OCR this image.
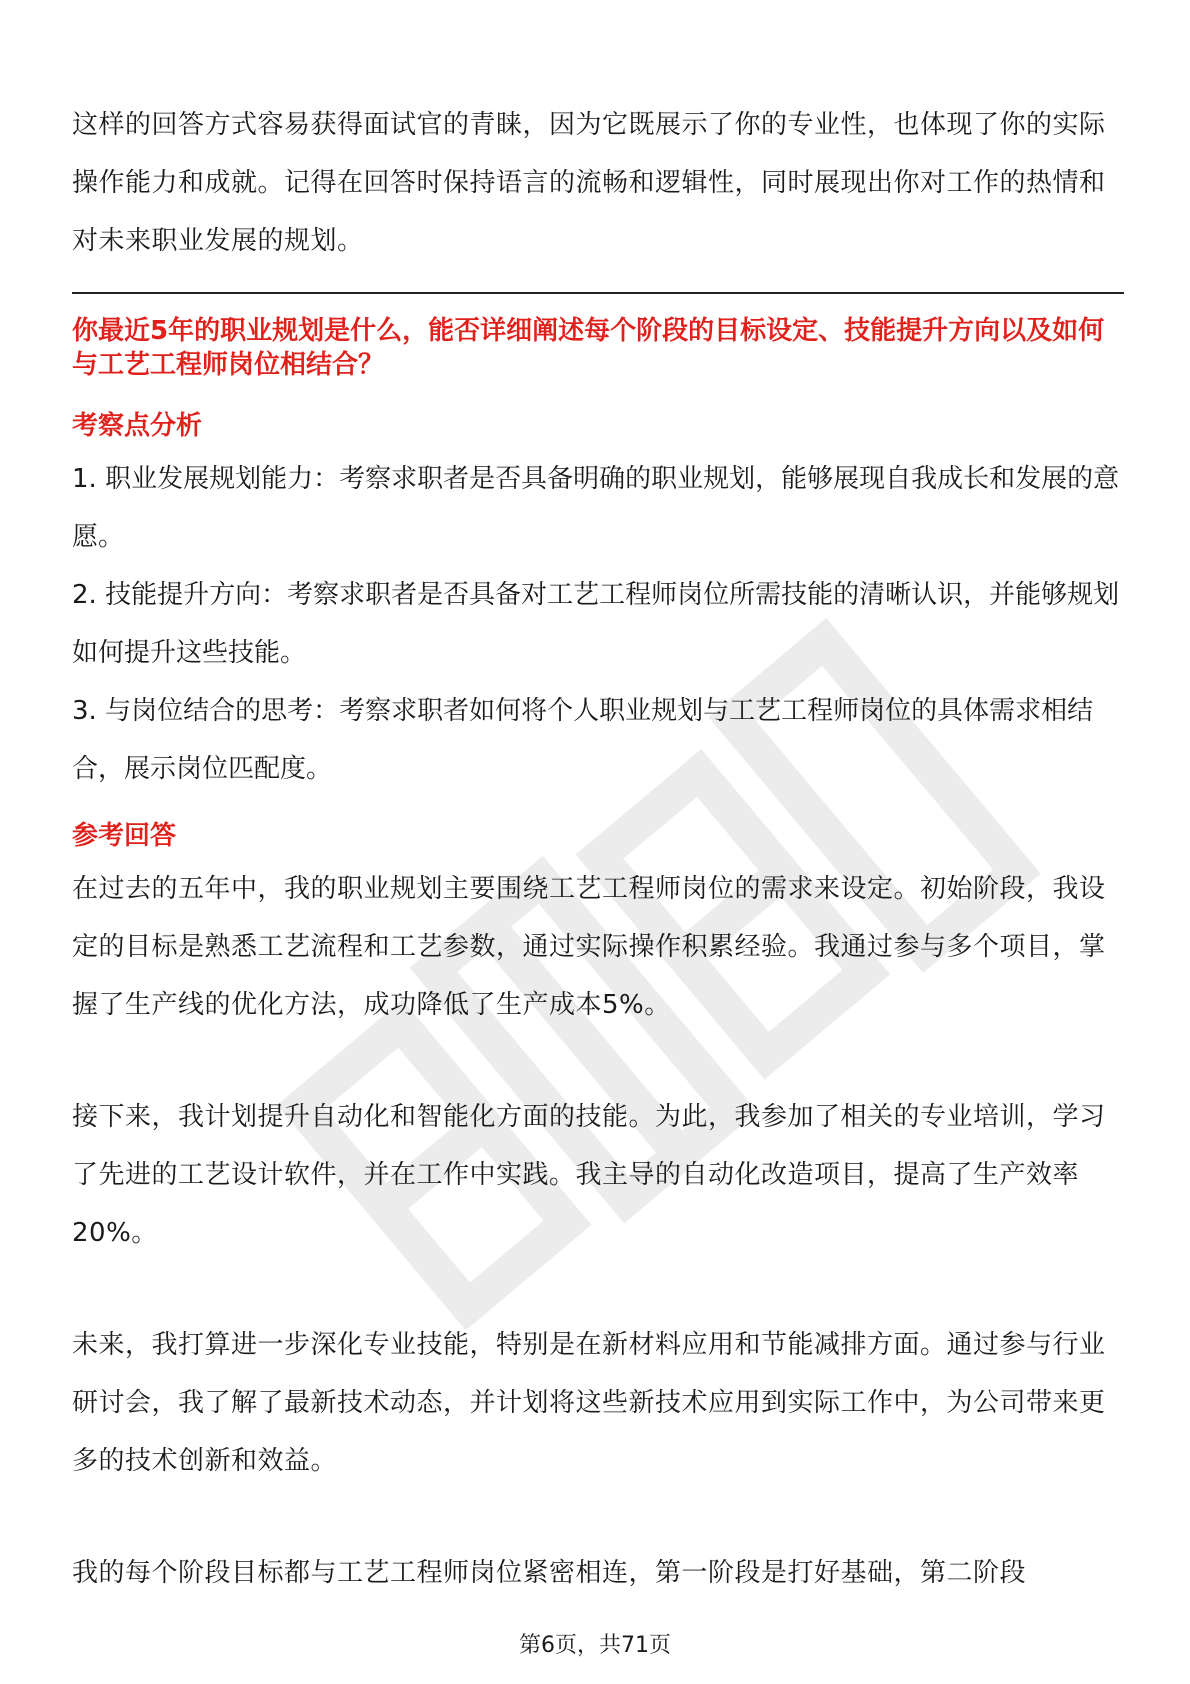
这样的回答方式容易获得面试官的青睐，因为它既展示了你的专业性，也体现了你的实际操作能力和成就。记得在回答时保持语言的流畅和逻辑性，同时展现出你对工作的热情和对未来职业发展的规划。

你最近5年的职业规划是什么，能否详细阐述每个阶段的目标设定、技能提升方向以及如何与工艺工程师岗位相结合？

考察点分析

1. 职业发展规划能力：考察求职者是否具备明确的职业规划，能够展现自我成长和发展的意愿。

2. 技能提升方向：考察求职者是否具备对工艺工程师岗位所需技能的清晰认识，并能够规划如何提升这些技能。

3. 与岗位结合的思考：考察求职者如何将个人职业规划与工艺工程师岗位的具体需求相结合，展示岗位匹配度。

参考回答

在过去的五年中，我的职业规划主要围绕工艺工程师岗位的需求来设定。初始阶段，我设定的目标是熟悉工艺流程和工艺参数，通过实际操作积累经验。我通过参与多个项目，掌握了生产线的优化方法，成功降低了生产成本5%。

接下来，我计划提升自动化和智能化方面的技能。为此，我参加了相关的专业培训，学习了先进的工艺设计软件，并在工作中实践。我主导的自动化改造项目，提高了生产效率20%。

未来，我打算进一步深化专业技能，特别是在新材料应用和节能减排方面。通过参与行业研讨会，我了解了最新技术动态，并计划将这些新技术应用到实际工作中，为公司带来更多的技术创新和效益。

我的每个阶段目标都与工艺工程师岗位紧密相连，第一阶段是打好基础，第二阶段

第6页，共71页
